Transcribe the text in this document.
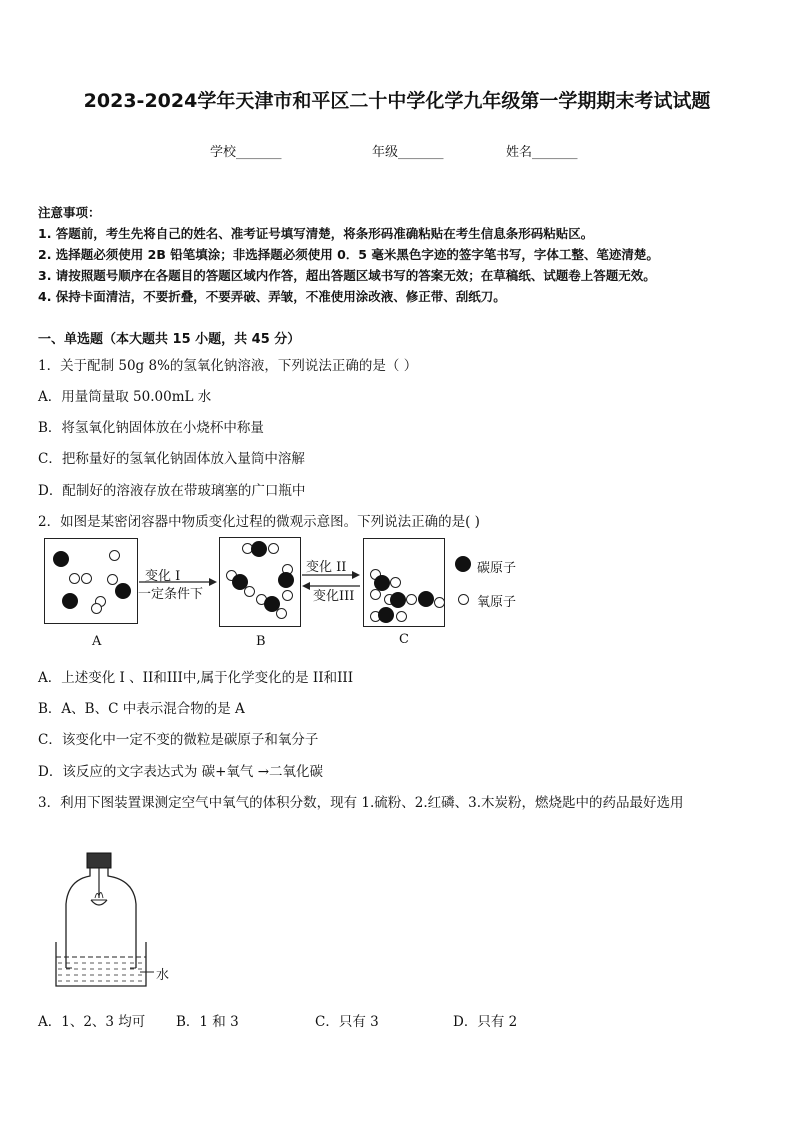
2023-2024学年天津市和平区二十中学化学九年级第一学期期末考试试题
学校_______	年级_______	姓名_______
注意事项：
1. 答题前，考生先将自己的姓名、准考证号填写清楚，将条形码准确粘贴在考生信息条形码粘贴区。
2. 选择题必须使用 2B 铅笔填涂；非选择题必须使用 0．5 毫米黑色字迹的签字笔书写，字体工整、笔迹清楚。
3. 请按照题号顺序在各题目的答题区域内作答，超出答题区域书写的答案无效；在草稿纸、试题卷上答题无效。
4. 保持卡面清洁，不要折叠，不要弄破、弄皱，不准使用涂改液、修正带、刮纸刀。
一、单选题（本大题共 15 小题，共 45 分）
1．关于配制 50g 8%的氢氧化钠溶液，下列说法正确的是（ ）
A．用量筒量取 50.00mL 水
B．将氢氧化钠固体放在小烧杯中称量
C．把称量好的氢氧化钠固体放入量筒中溶解
D．配制好的溶液存放在带玻璃塞的广口瓶中
2．如图是某密闭容器中物质变化过程的微观示意图。下列说法正确的是( )
变化 I
一定条件下
变化 II
变化III
A	B	C
碳原子
氧原子
A．上述变化 I 、II和III中,属于化学变化的是 II和III
B．A、B、C 中表示混合物的是 A
C．该变化中一定不变的微粒是碳原子和氧分子
D．该反应的文字表达式为 碳+氧气 →二氧化碳
3．利用下图装置课测定空气中氧气的体积分数，现有 1.硫粉、2.红磷、3.木炭粉，燃烧匙中的药品最好选用
水
A．1、2、3 均可 B．1 和 3	C．只有 3	D．只有 2
